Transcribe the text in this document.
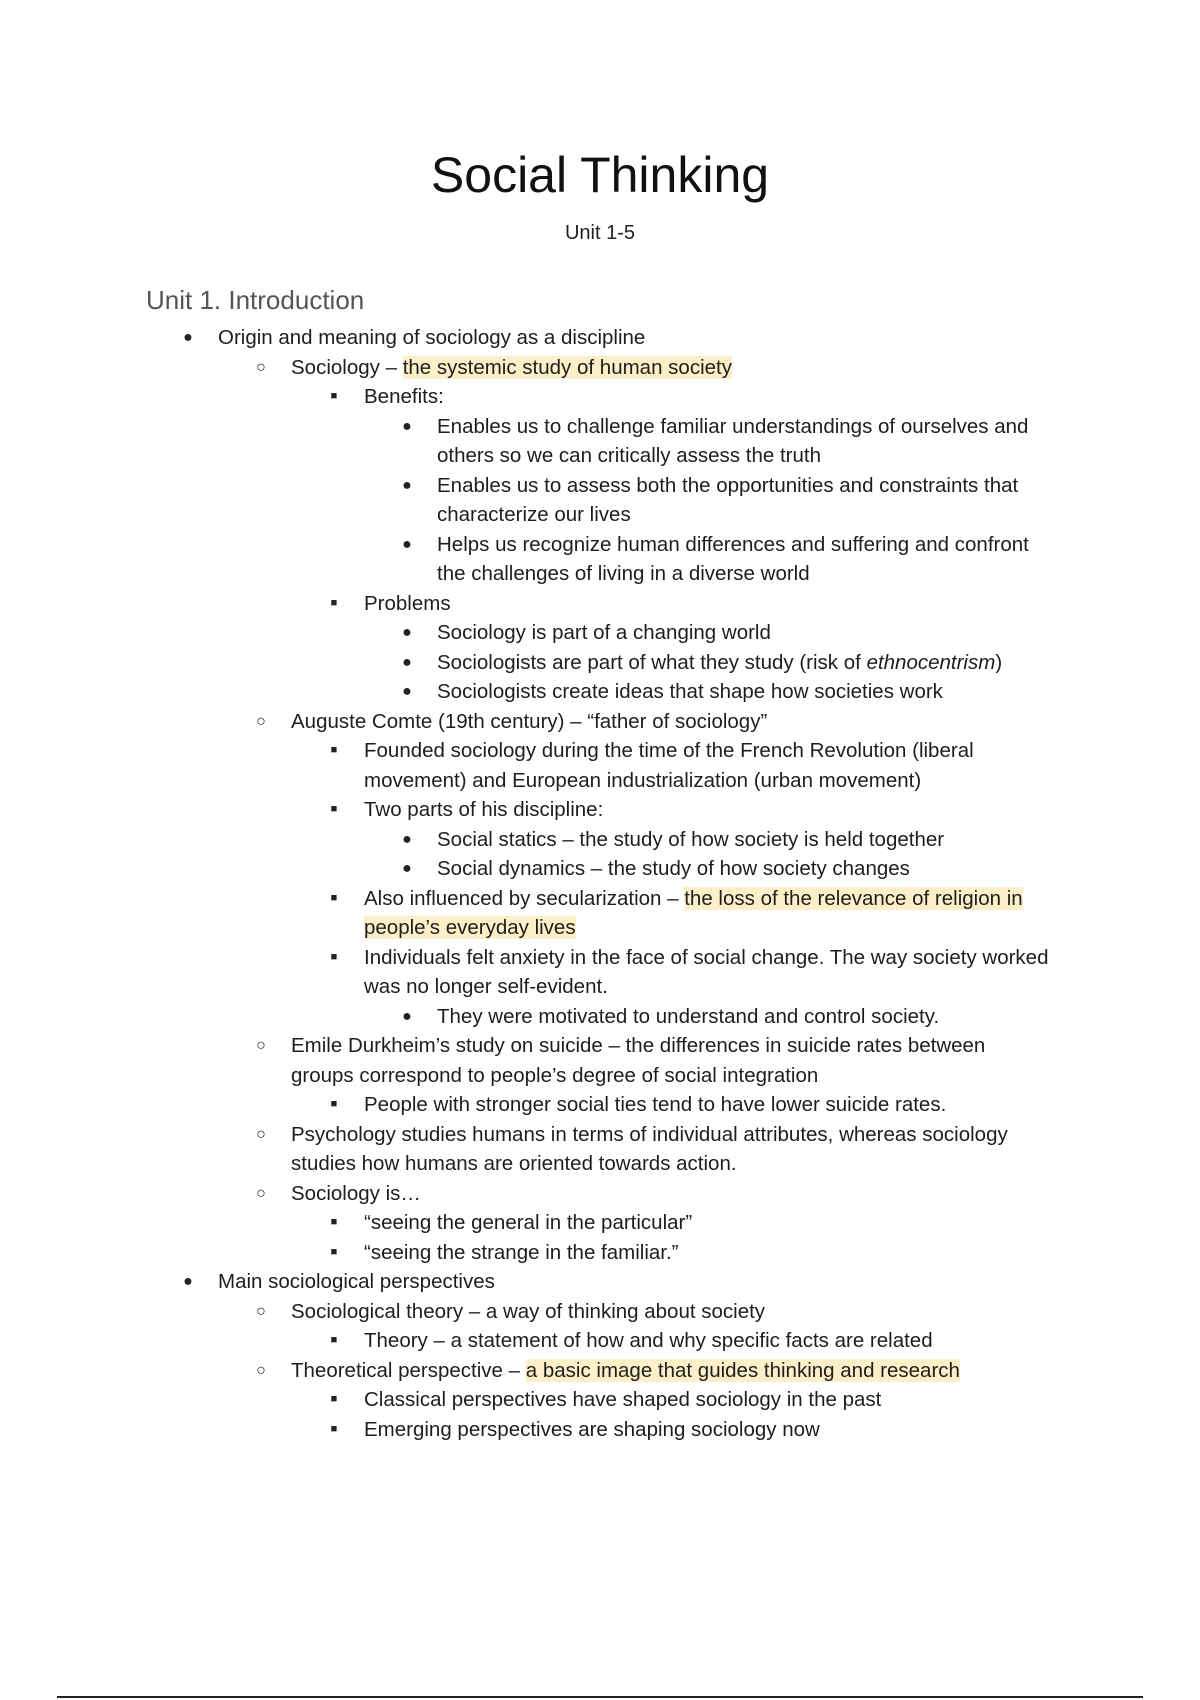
Social Thinking
Unit 1-5
Unit 1. Introduction
● Origin and meaning of sociology as a discipline
○ Sociology – the systemic study of human society
■	Benefits:
● Enables us to challenge familiar understandings of ourselves and others so we can critically assess the truth
● Enables us to assess both the opportunities and constraints that characterize our lives
● Helps us recognize human differences and suffering and confront the challenges of living in a diverse world
■	Problems
● Sociology is part of a changing world
● Sociologists are part of what they study (risk of ethnocentrism)
● Sociologists create ideas that shape how societies work
○ Auguste Comte (19th century) – “father of sociology”
■	Founded sociology during the time of the French Revolution (liberal movement) and European industrialization (urban movement)
■	Two parts of his discipline:
● Social statics – the study of how society is held together
● Social dynamics – the study of how society changes
■	Also influenced by secularization – the loss of the relevance of religion in people’s everyday lives
■	Individuals felt anxiety in the face of social change. The way society worked was no longer self-evident.
● They were motivated to understand and control society.
○ Emile Durkheim’s study on suicide – the differences in suicide rates between groups correspond to people’s degree of social integration
■	People with stronger social ties tend to have lower suicide rates.
○ Psychology studies humans in terms of individual attributes, whereas sociology studies how humans are oriented towards action.
○ Sociology is…
■	“seeing the general in the particular”
■	“seeing the strange in the familiar.”
● Main sociological perspectives
○ Sociological theory – a way of thinking about society
■	Theory – a statement of how and why specific facts are related
○ Theoretical perspective – a basic image that guides thinking and research
■	Classical perspectives have shaped sociology in the past
■	Emerging perspectives are shaping sociology now
